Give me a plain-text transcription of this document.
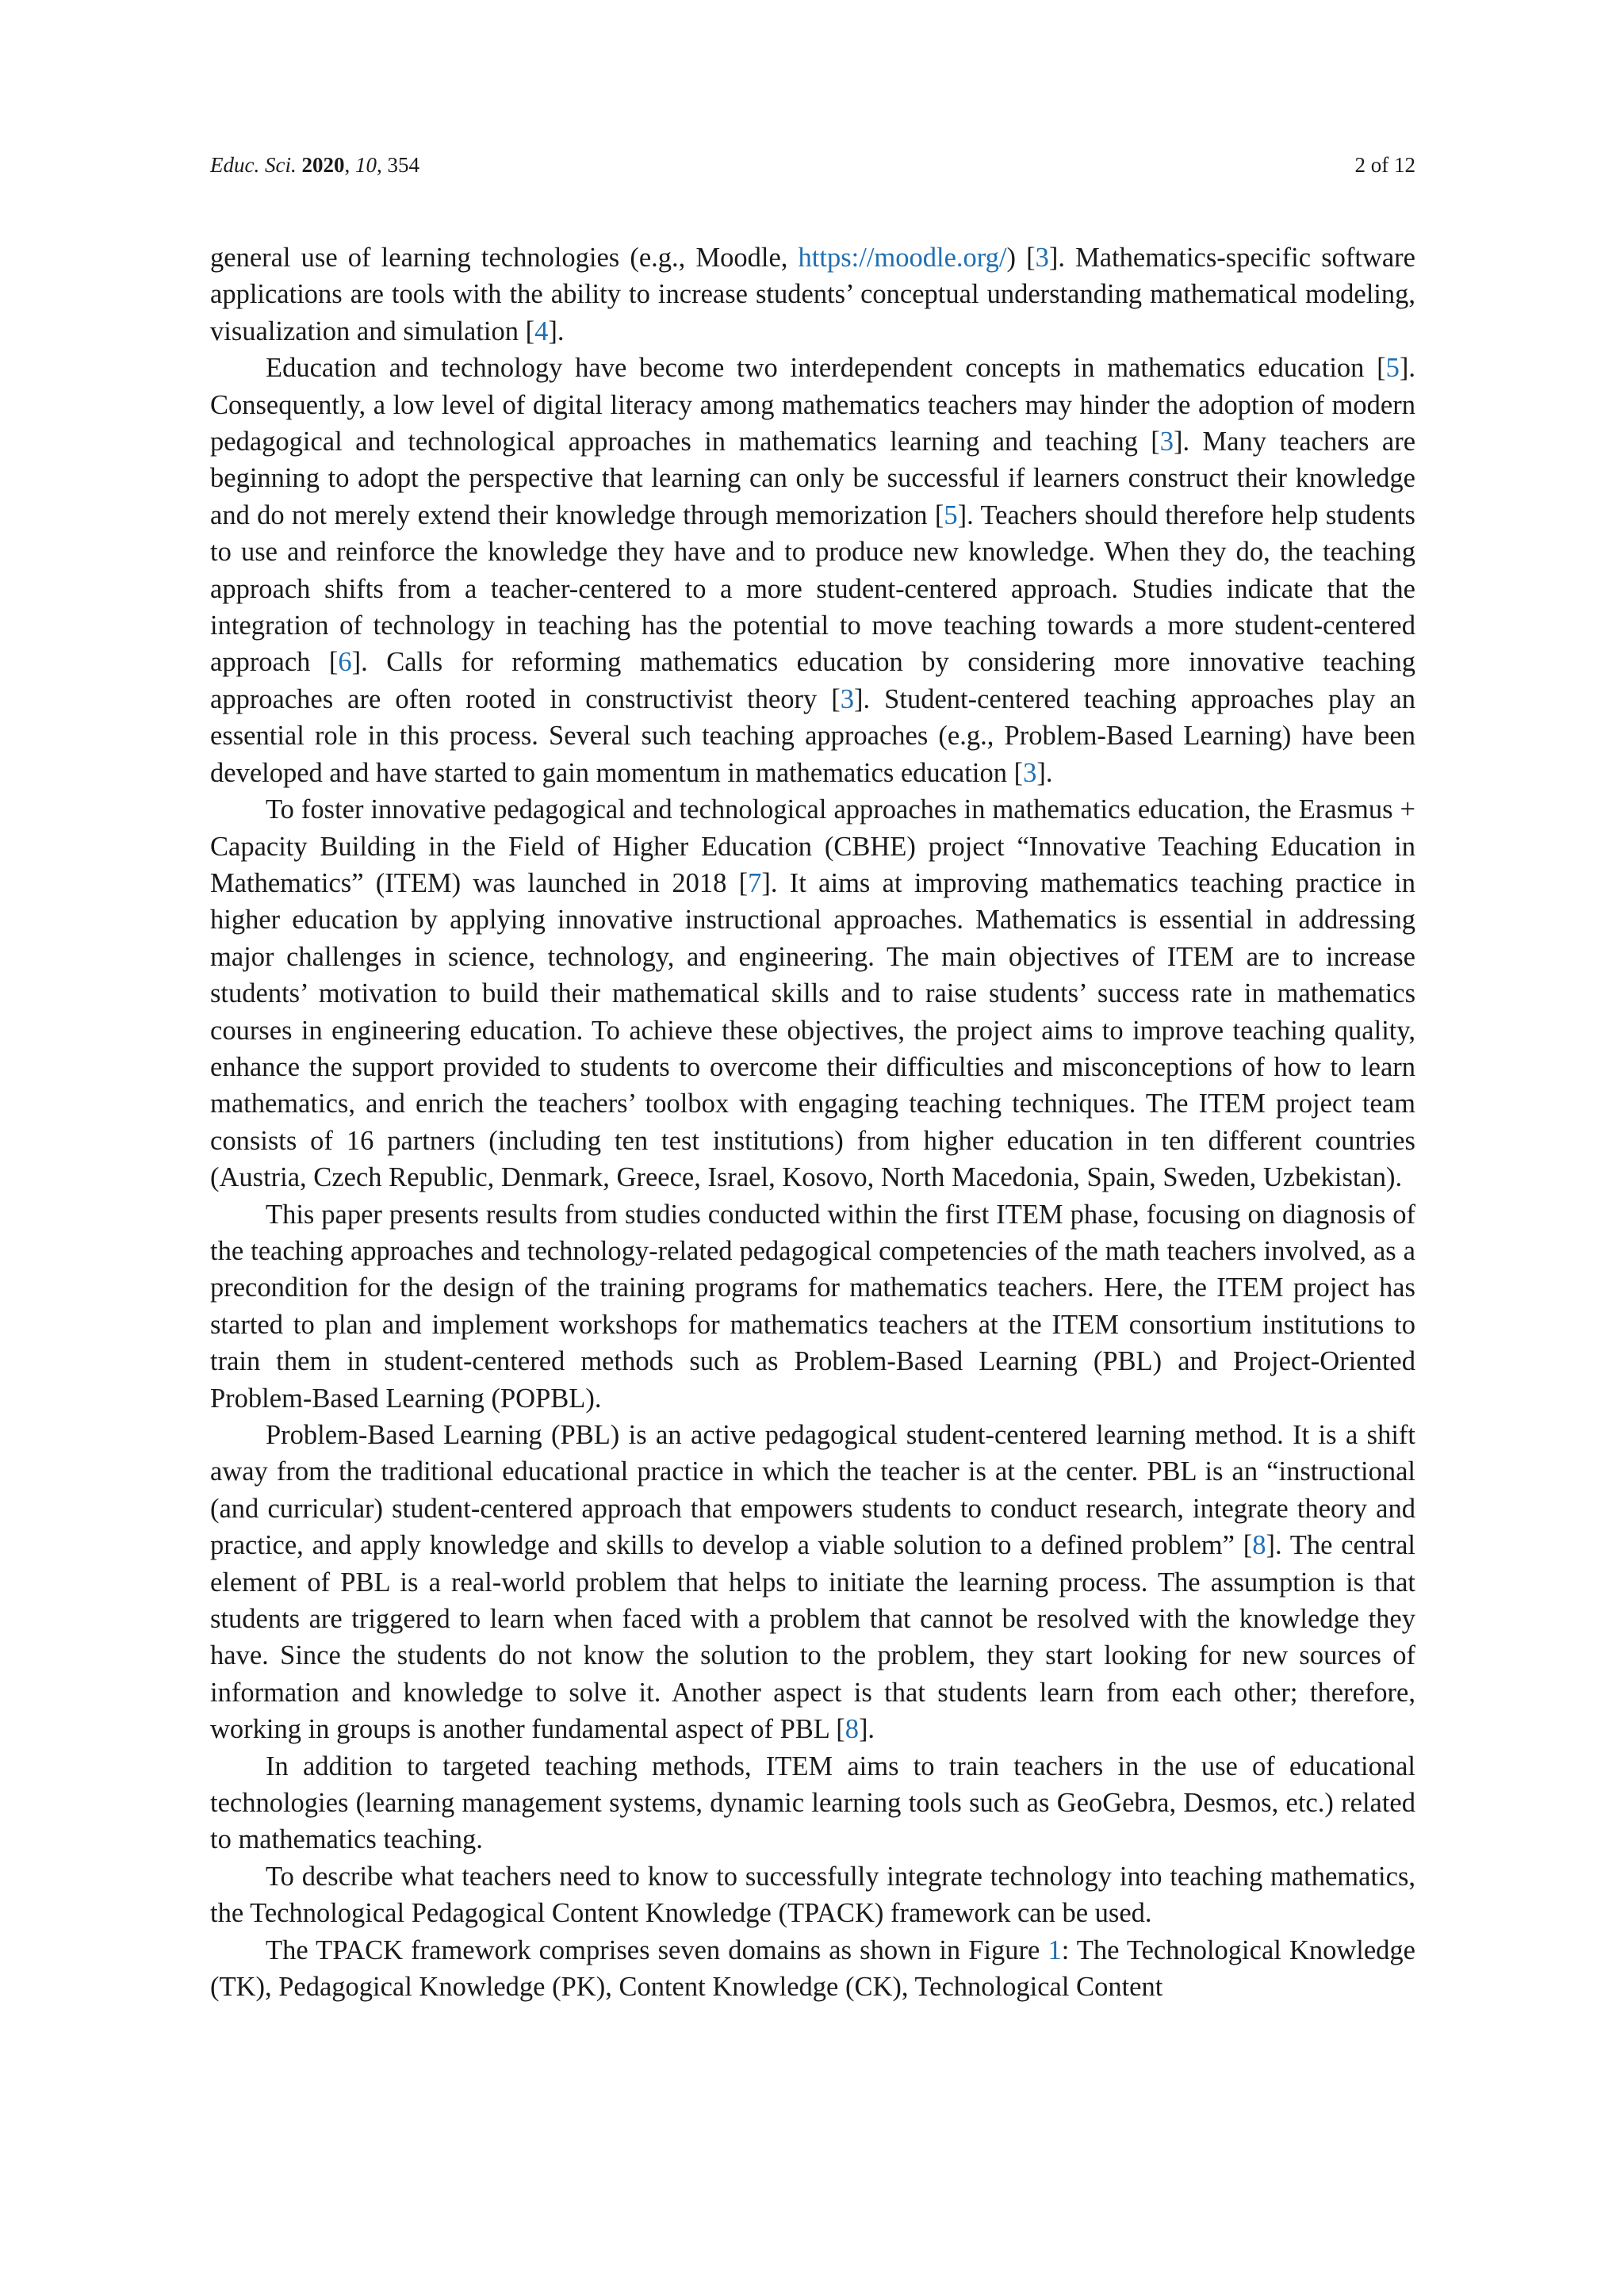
Educ. Sci. 2020, 10, 354	2 of 12

general use of learning technologies (e.g., Moodle, https://moodle.org/) [3]. Mathematics-specific software applications are tools with the ability to increase students’ conceptual understanding mathematical modeling, visualization and simulation [4].

Education and technology have become two interdependent concepts in mathematics education [5]. Consequently, a low level of digital literacy among mathematics teachers may hinder the adoption of modern pedagogical and technological approaches in mathematics learning and teaching [3]. Many teachers are beginning to adopt the perspective that learning can only be successful if learners construct their knowledge and do not merely extend their knowledge through memorization [5]. Teachers should therefore help students to use and reinforce the knowledge they have and to produce new knowledge. When they do, the teaching approach shifts from a teacher-centered to a more student-centered approach. Studies indicate that the integration of technology in teaching has the potential to move teaching towards a more student-centered approach [6]. Calls for reforming mathematics education by considering more innovative teaching approaches are often rooted in constructivist theory [3]. Student-centered teaching approaches play an essential role in this process. Several such teaching approaches (e.g., Problem-Based Learning) have been developed and have started to gain momentum in mathematics education [3].

To foster innovative pedagogical and technological approaches in mathematics education, the Erasmus + Capacity Building in the Field of Higher Education (CBHE) project “Innovative Teaching Education in Mathematics” (ITEM) was launched in 2018 [7]. It aims at improving mathematics teaching practice in higher education by applying innovative instructional approaches. Mathematics is essential in addressing major challenges in science, technology, and engineering. The main objectives of ITEM are to increase students’ motivation to build their mathematical skills and to raise students’ success rate in mathematics courses in engineering education. To achieve these objectives, the project aims to improve teaching quality, enhance the support provided to students to overcome their difficulties and misconceptions of how to learn mathematics, and enrich the teachers’ toolbox with engaging teaching techniques. The ITEM project team consists of 16 partners (including ten test institutions) from higher education in ten different countries (Austria, Czech Republic, Denmark, Greece, Israel, Kosovo, North Macedonia, Spain, Sweden, Uzbekistan).

This paper presents results from studies conducted within the first ITEM phase, focusing on diagnosis of the teaching approaches and technology-related pedagogical competencies of the math teachers involved, as a precondition for the design of the training programs for mathematics teachers. Here, the ITEM project has started to plan and implement workshops for mathematics teachers at the ITEM consortium institutions to train them in student-centered methods such as Problem-Based Learning (PBL) and Project-Oriented Problem-Based Learning (POPBL).

Problem-Based Learning (PBL) is an active pedagogical student-centered learning method. It is a shift away from the traditional educational practice in which the teacher is at the center. PBL is an “instructional (and curricular) student-centered approach that empowers students to conduct research, integrate theory and practice, and apply knowledge and skills to develop a viable solution to a defined problem” [8]. The central element of PBL is a real-world problem that helps to initiate the learning process. The assumption is that students are triggered to learn when faced with a problem that cannot be resolved with the knowledge they have. Since the students do not know the solution to the problem, they start looking for new sources of information and knowledge to solve it. Another aspect is that students learn from each other; therefore, working in groups is another fundamental aspect of PBL [8].

In addition to targeted teaching methods, ITEM aims to train teachers in the use of educational technologies (learning management systems, dynamic learning tools such as GeoGebra, Desmos, etc.) related to mathematics teaching.

To describe what teachers need to know to successfully integrate technology into teaching mathematics, the Technological Pedagogical Content Knowledge (TPACK) framework can be used.

The TPACK framework comprises seven domains as shown in Figure 1: The Technological Knowledge (TK), Pedagogical Knowledge (PK), Content Knowledge (CK), Technological Content
